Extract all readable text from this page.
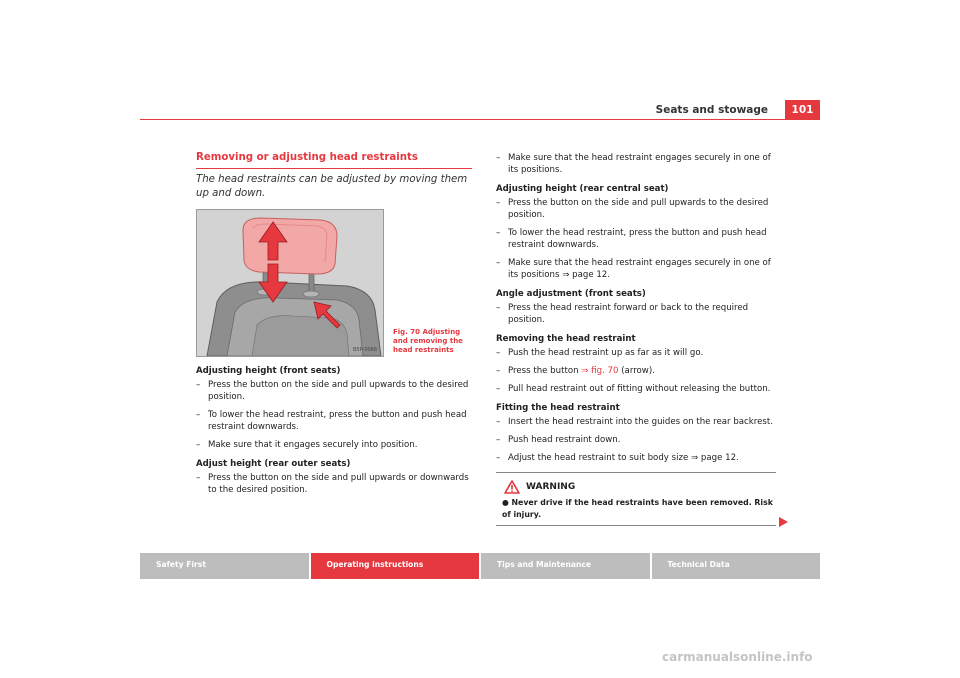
Seats and stowage	101
Removing or adjusting head restraints
The head restraints can be adjusted by moving them up and down.
B5P-0066
Fig. 70 Adjusting and removing the head restraints
Adjusting height (front seats)
– Press the button on the side and pull upwards to the desired position.
– To lower the head restraint, press the button and push head restraint downwards.
– Make sure that it engages securely into position.
Adjust height (rear outer seats)
– Press the button on the side and pull upwards or downwards to the desired position.
– Make sure that the head restraint engages securely in one of its positions.
Adjusting height (rear central seat)
– Press the button on the side and pull upwards to the desired position.
– To lower the head restraint, press the button and push head restraint downwards.
– Make sure that the head restraint engages securely in one of its positions ⇒ page 12.
Angle adjustment (front seats)
– Press the head restraint forward or back to the required position.
Removing the head restraint
– Push the head restraint up as far as it will go.
– Press the button ⇒ fig. 70 (arrow).
– Pull head restraint out of fitting without releasing the button.
Fitting the head restraint
– Insert the head restraint into the guides on the rear backrest.
– Push head restraint down.
– Adjust the head restraint to suit body size ⇒ page 12.
WARNING
● Never drive if the head restraints have been removed. Risk of injury.
Safety First	Operating instructions	Tips and Maintenance	Technical Data
carmanualsonline.info
